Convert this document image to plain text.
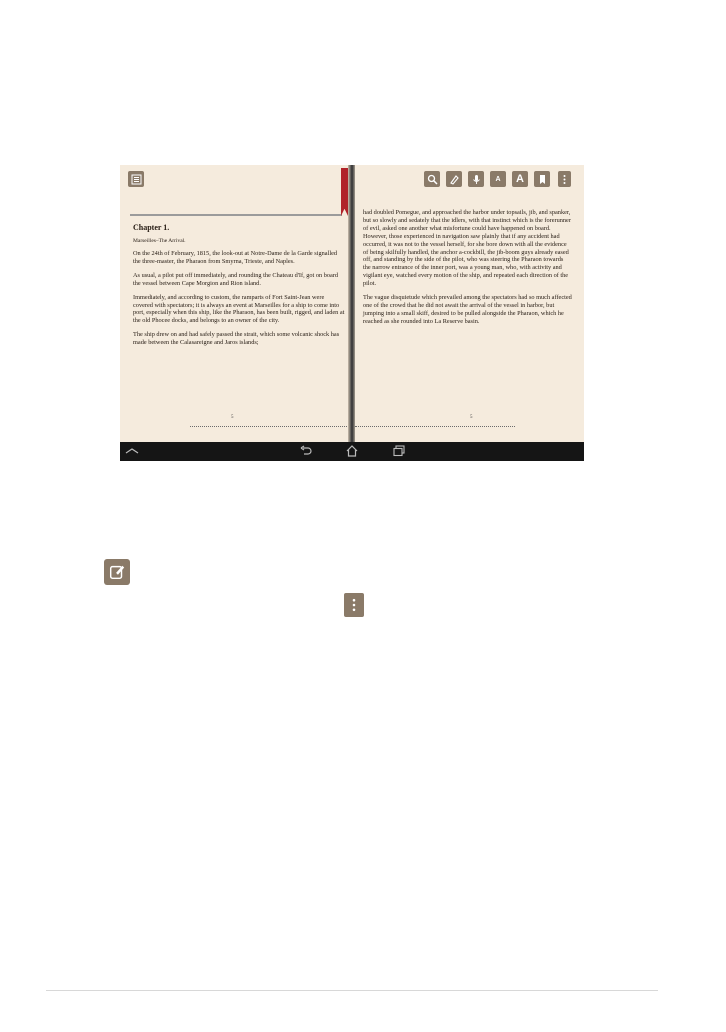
Chapter 1.
Marseilles–The Arrival.

On the 24th of February, 1815, the look-out at Notre-Dame de la Garde signalled the three-master, the Pharaon from Smyrna, Trieste, and Naples.

As usual, a pilot put off immediately, and rounding the Chateau d'If, got on board the vessel between Cape Morgion and Rion island.

Immediately, and according to custom, the ramparts of Fort Saint-Jean were covered with spectators; it is always an event at Marseilles for a ship to come into port, especially when this ship, like the Pharaon, has been built, rigged, and laden at the old Phocee docks, and belongs to an owner of the city.

The ship drew on and had safely passed the strait, which some volcanic shock has made between the Calasareigne and Jaros islands;

5
A A

had doubled Pomegue, and approached the harbor under topsails, jib, and spanker, but so slowly and sedately that the idlers, with that instinct which is the forerunner of evil, asked one another what misfortune could have happened on board. However, those experienced in navigation saw plainly that if any accident had occurred, it was not to the vessel herself, for she bore down with all the evidence of being skilfully handled, the anchor a-cockbill, the jib-boom guys already eased off, and standing by the side of the pilot, who was steering the Pharaon towards the narrow entrance of the inner port, was a young man, who, with activity and vigilant eye, watched every motion of the ship, and repeated each direction of the pilot.

The vague disquietude which prevailed among the spectators had so much affected one of the crowd that he did not await the arrival of the vessel in harbor, but jumping into a small skiff, desired to be pulled alongside the Pharaon, which he reached as she rounded into La Reserve basin.

5
